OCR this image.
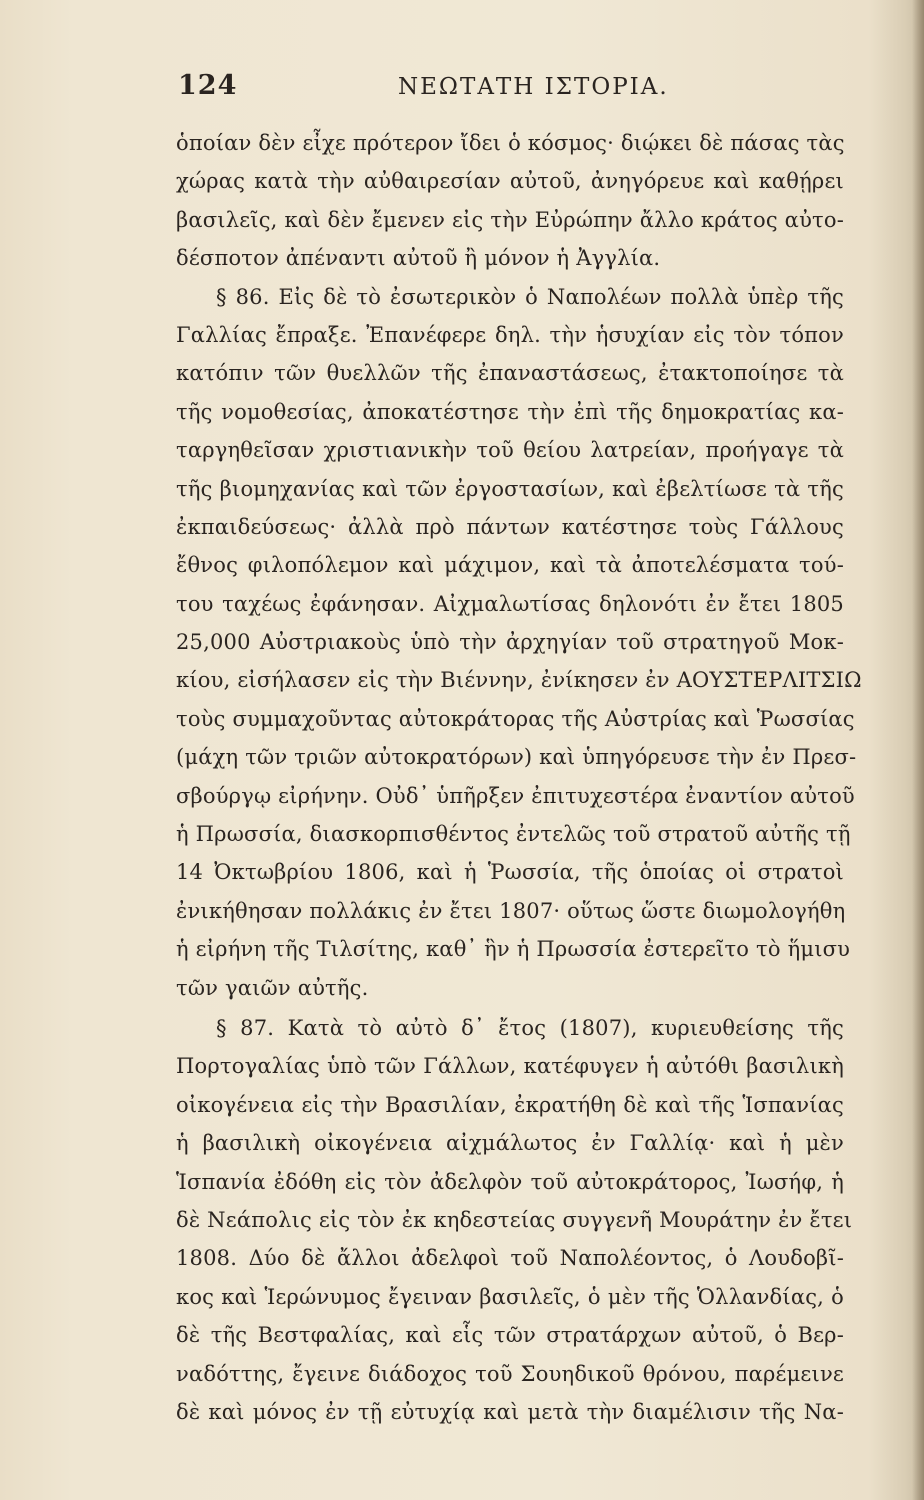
124	ΝΕΩΤΑΤΗ ΙΣΤΟΡΙΑ.
ὁποίαν δὲν εἶχε πρότερον ἴδει ὁ κόσμος· διῴκει δὲ πάσας τὰς
χώρας κατὰ τὴν αὐθαιρεσίαν αὐτοῦ, ἀνηγόρευε καὶ καθῄρει
βασιλεῖς, καὶ δὲν ἔμενεν εἰς τὴν Εὐρώπην ἄλλο κράτος αὐτο-
δέσποτον ἀπέναντι αὐτοῦ ἢ μόνον ἡ Ἀγγλία.
§ 86. Εἰς δὲ τὸ ἐσωτερικὸν ὁ Ναπολέων πολλὰ ὑπὲρ τῆς
Γαλλίας ἔπραξε. Ἐπανέφερε δηλ. τὴν ἡσυχίαν εἰς τὸν τόπον
κατόπιν τῶν θυελλῶν τῆς ἐπαναστάσεως, ἐτακτοποίησε τὰ
τῆς νομοθεσίας, ἀποκατέστησε τὴν ἐπὶ τῆς δημοκρατίας κα-
ταργηθεῖσαν χριστιανικὴν τοῦ θείου λατρείαν, προήγαγε τὰ
τῆς βιομηχανίας καὶ τῶν ἐργοστασίων, καὶ ἐβελτίωσε τὰ τῆς
ἐκπαιδεύσεως· ἀλλὰ πρὸ πάντων κατέστησε τοὺς Γάλλους
ἔθνος φιλοπόλεμον καὶ μάχιμον, καὶ τὰ ἀποτελέσματα τού-
του ταχέως ἐφάνησαν. Αἰχμαλωτίσας δηλονότι ἐν ἔτει 1805
25,000 Αὐστριακοὺς ὑπὸ τὴν ἀρχηγίαν τοῦ στρατηγοῦ Μοκ-
κίου, εἰσήλασεν εἰς τὴν Βιέννην, ἐνίκησεν ἐν ΑΟΥΣΤΕΡΛΙΤΣΙΩ
τοὺς συμμαχοῦντας αὐτοκράτορας τῆς Αὐστρίας καὶ Ῥωσσίας
(μάχη τῶν τριῶν αὐτοκρατόρων) καὶ ὑπηγόρευσε τὴν ἐν Πρεσ-
σβούργῳ εἰρήνην. Οὐδ᾽ ὑπῆρξεν ἐπιτυχεστέρα ἐναντίον αὐτοῦ
ἡ Πρωσσία, διασκορπισθέντος ἐντελῶς τοῦ στρατοῦ αὐτῆς τῇ
14 Ὀκτωβρίου 1806, καὶ ἡ Ῥωσσία, τῆς ὁποίας οἱ στρατοὶ
ἐνικήθησαν πολλάκις ἐν ἔτει 1807· οὕτως ὥστε διωμολογήθη
ἡ εἰρήνη τῆς Τιλσίτης, καθ᾽ ἣν ἡ Πρωσσία ἐστερεῖτο τὸ ἥμισυ
τῶν γαιῶν αὐτῆς.
§ 87. Κατὰ τὸ αὐτὸ δ᾽ ἔτος (1807), κυριευθείσης τῆς
Πορτογαλίας ὑπὸ τῶν Γάλλων, κατέφυγεν ἡ αὐτόθι βασιλικὴ
οἰκογένεια εἰς τὴν Βρασιλίαν, ἐκρατήθη δὲ καὶ τῆς Ἱσπανίας
ἡ βασιλικὴ οἰκογένεια αἰχμάλωτος ἐν Γαλλίᾳ· καὶ ἡ μὲν
Ἱσπανία ἐδόθη εἰς τὸν ἀδελφὸν τοῦ αὐτοκράτορος, Ἰωσήφ, ἡ
δὲ Νεάπολις εἰς τὸν ἐκ κηδεστείας συγγενῆ Μουράτην ἐν ἔτει
1808. Δύο δὲ ἄλλοι ἀδελφοὶ τοῦ Ναπολέοντος, ὁ Λουδοβῖ-
κος καὶ Ἱερώνυμος ἔγειναν βασιλεῖς, ὁ μὲν τῆς Ὁλλανδίας, ὁ
δὲ τῆς Βεστφαλίας, καὶ εἷς τῶν στρατάρχων αὐτοῦ, ὁ Βερ-
ναδόττης, ἔγεινε διάδοχος τοῦ Σουηδικοῦ θρόνου, παρέμεινε
δὲ καὶ μόνος ἐν τῇ εὐτυχίᾳ καὶ μετὰ τὴν διαμέλισιν τῆς Να-
